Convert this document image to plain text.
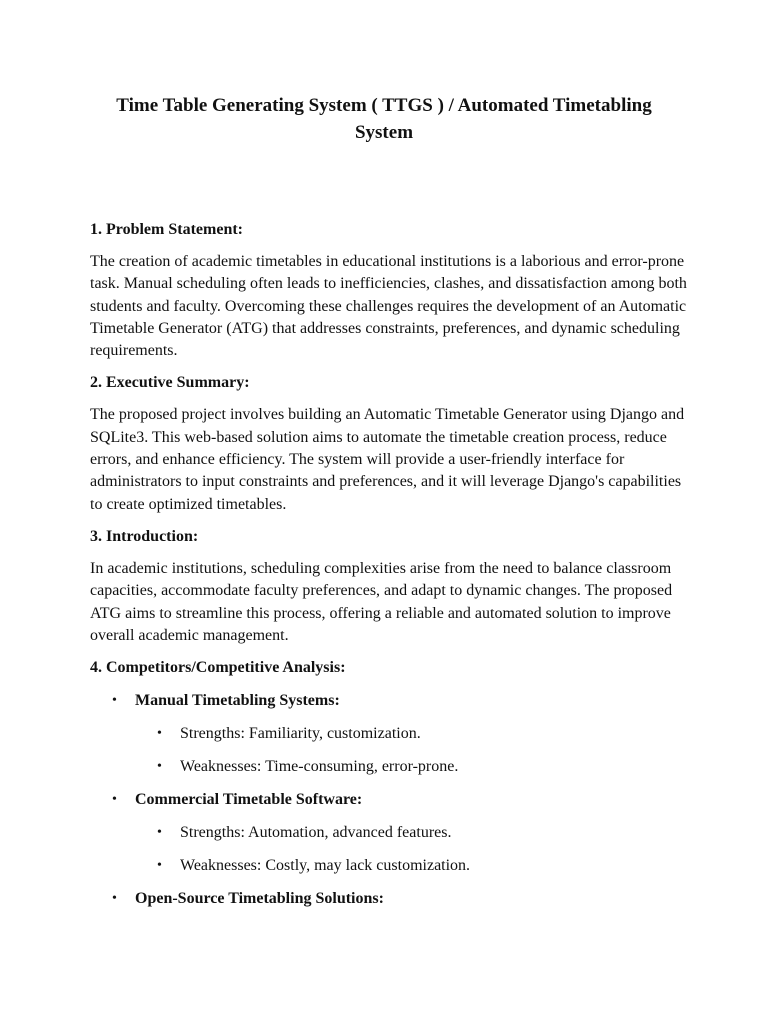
Time Table Generating System ( TTGS ) / Automated Timetabling System
1. Problem Statement:

The creation of academic timetables in educational institutions is a laborious and error-prone task. Manual scheduling often leads to inefficiencies, clashes, and dissatisfaction among both students and faculty. Overcoming these challenges requires the development of an Automatic Timetable Generator (ATG) that addresses constraints, preferences, and dynamic scheduling requirements.

2. Executive Summary:

The proposed project involves building an Automatic Timetable Generator using Django and SQLite3. This web-based solution aims to automate the timetable creation process, reduce errors, and enhance efficiency. The system will provide a user-friendly interface for administrators to input constraints and preferences, and it will leverage Django's capabilities to create optimized timetables.

3. Introduction:

In academic institutions, scheduling complexities arise from the need to balance classroom capacities, accommodate faculty preferences, and adapt to dynamic changes. The proposed ATG aims to streamline this process, offering a reliable and automated solution to improve overall academic management.

4. Competitors/Competitive Analysis:
• Manual Timetabling Systems:
• Strengths: Familiarity, customization.
• Weaknesses: Time-consuming, error-prone.
• Commercial Timetable Software:
• Strengths: Automation, advanced features.
• Weaknesses: Costly, may lack customization.
• Open-Source Timetabling Solutions:
